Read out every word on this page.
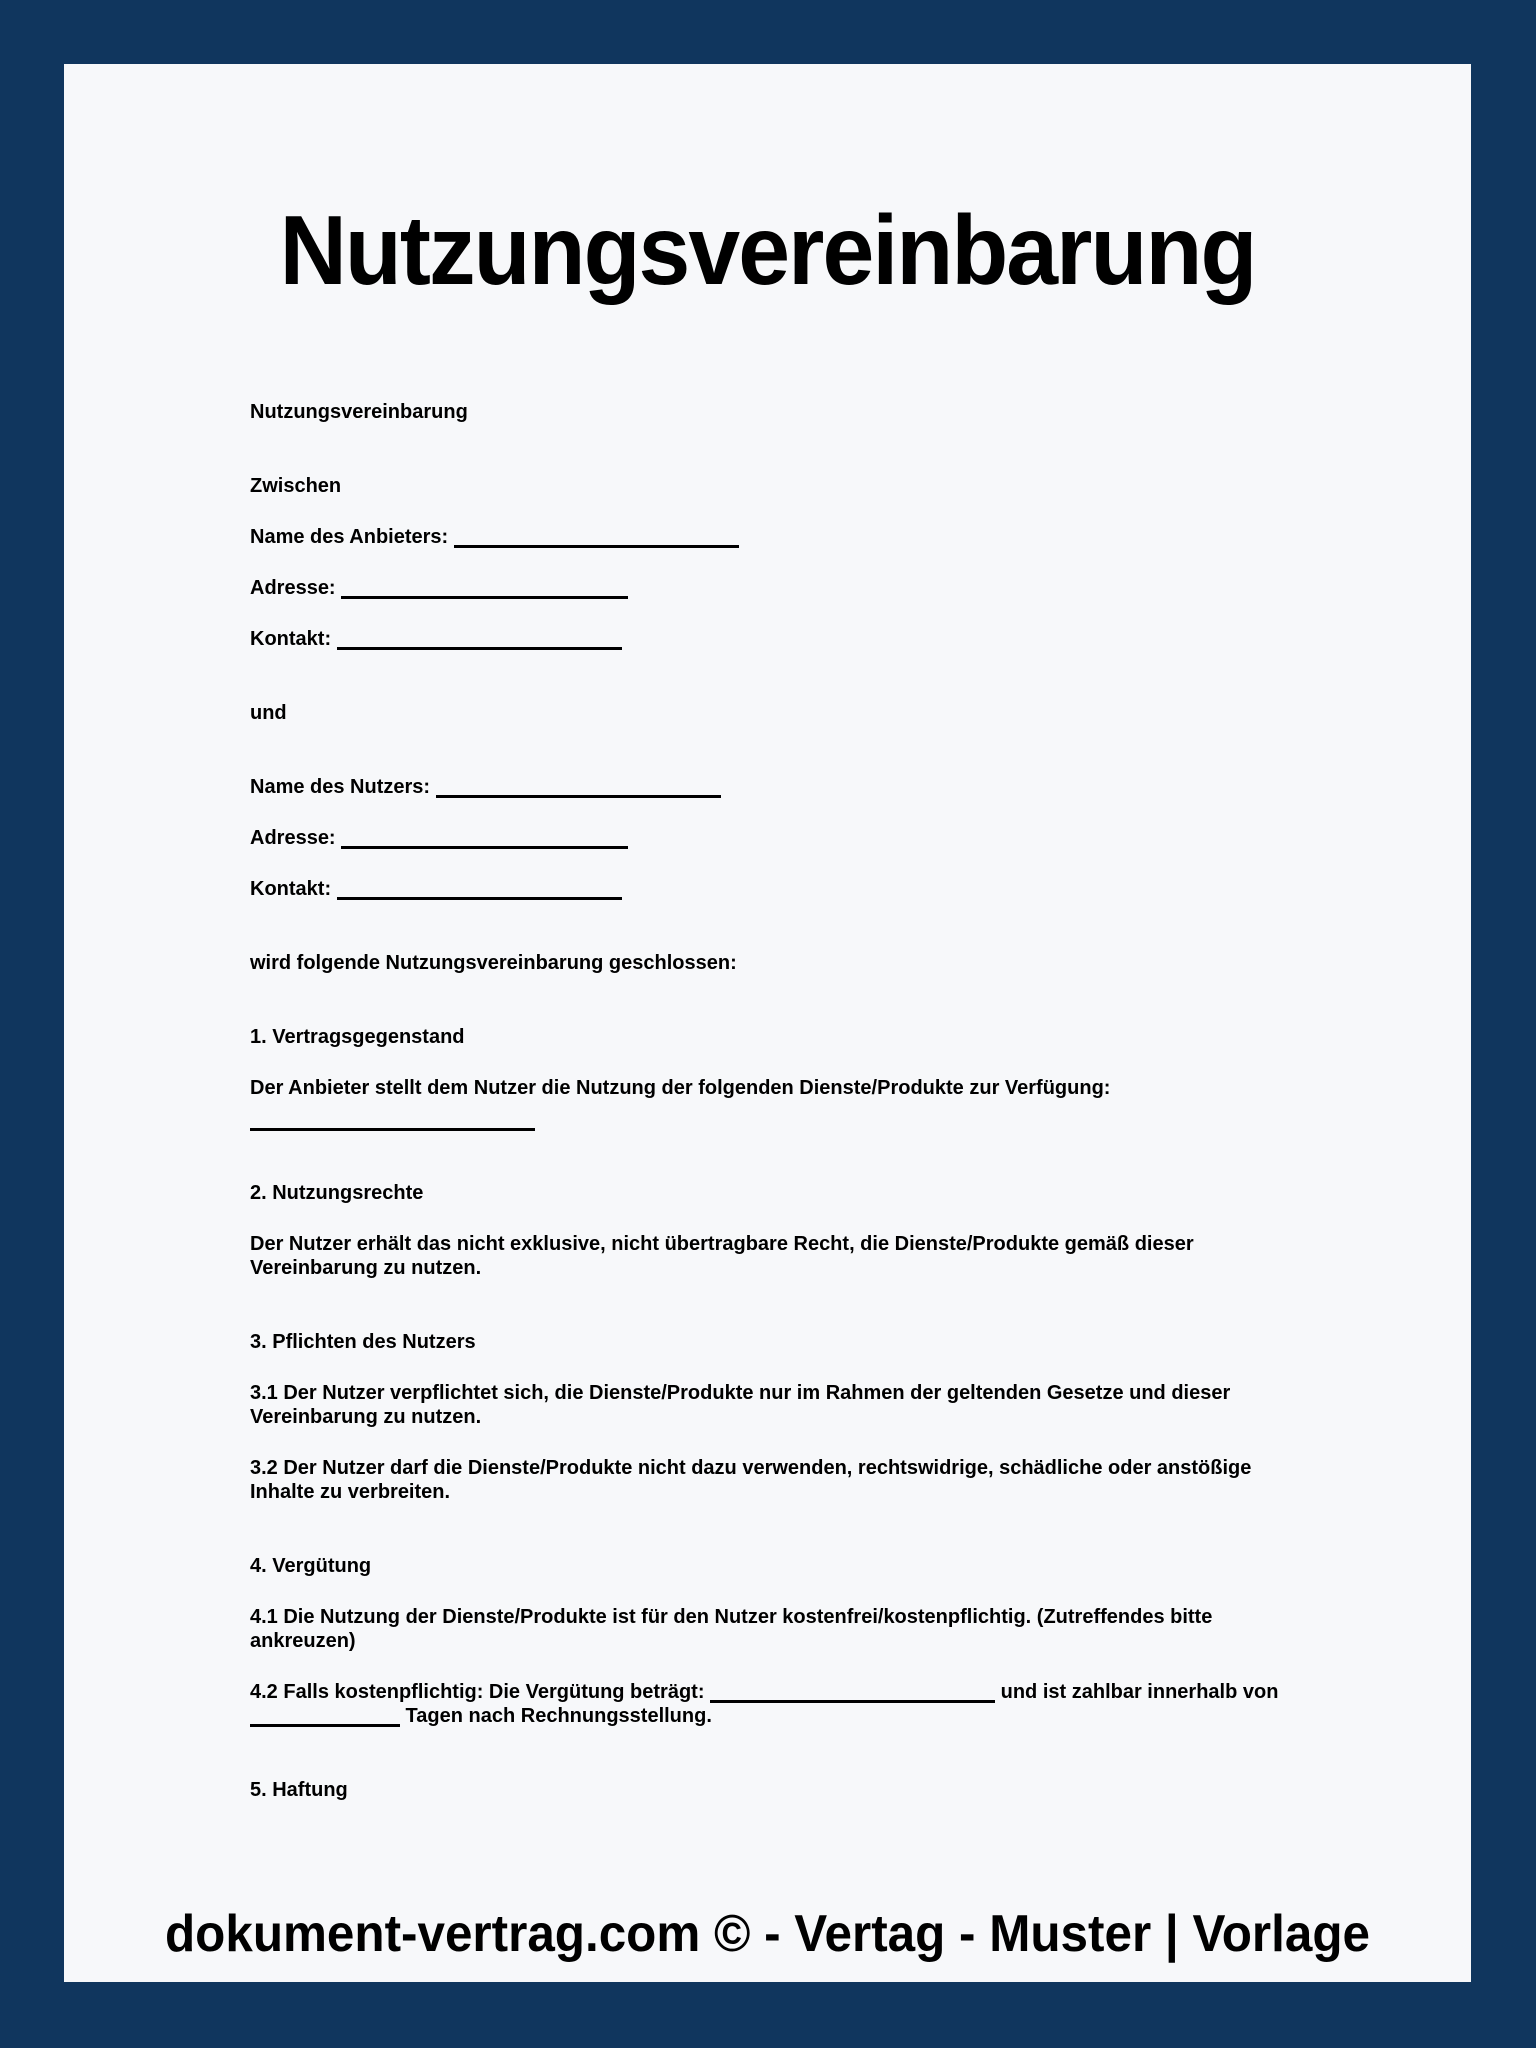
Nutzungsvereinbarung

Nutzungsvereinbarung

Zwischen

Name des Anbieters:

Adresse:

Kontakt:

und

Name des Nutzers:

Adresse:

Kontakt:

wird folgende Nutzungsvereinbarung geschlossen:

1. Vertragsgegenstand

Der Anbieter stellt dem Nutzer die Nutzung der folgenden Dienste/Produkte zur Verfügung:

2. Nutzungsrechte

Der Nutzer erhält das nicht exklusive, nicht übertragbare Recht, die Dienste/Produkte gemäß dieser Vereinbarung zu nutzen.

3. Pflichten des Nutzers

3.1 Der Nutzer verpflichtet sich, die Dienste/Produkte nur im Rahmen der geltenden Gesetze und dieser Vereinbarung zu nutzen.

3.2 Der Nutzer darf die Dienste/Produkte nicht dazu verwenden, rechtswidrige, schädliche oder anstößige Inhalte zu verbreiten.

4. Vergütung

4.1 Die Nutzung der Dienste/Produkte ist für den Nutzer kostenfrei/kostenpflichtig. (Zutreffendes bitte ankreuzen)

4.2 Falls kostenpflichtig: Die Vergütung beträgt:	und ist zahlbar innerhalb von  Tagen nach Rechnungsstellung.

5. Haftung

dokument-vertrag.com © - Vertag - Muster | Vorlage
